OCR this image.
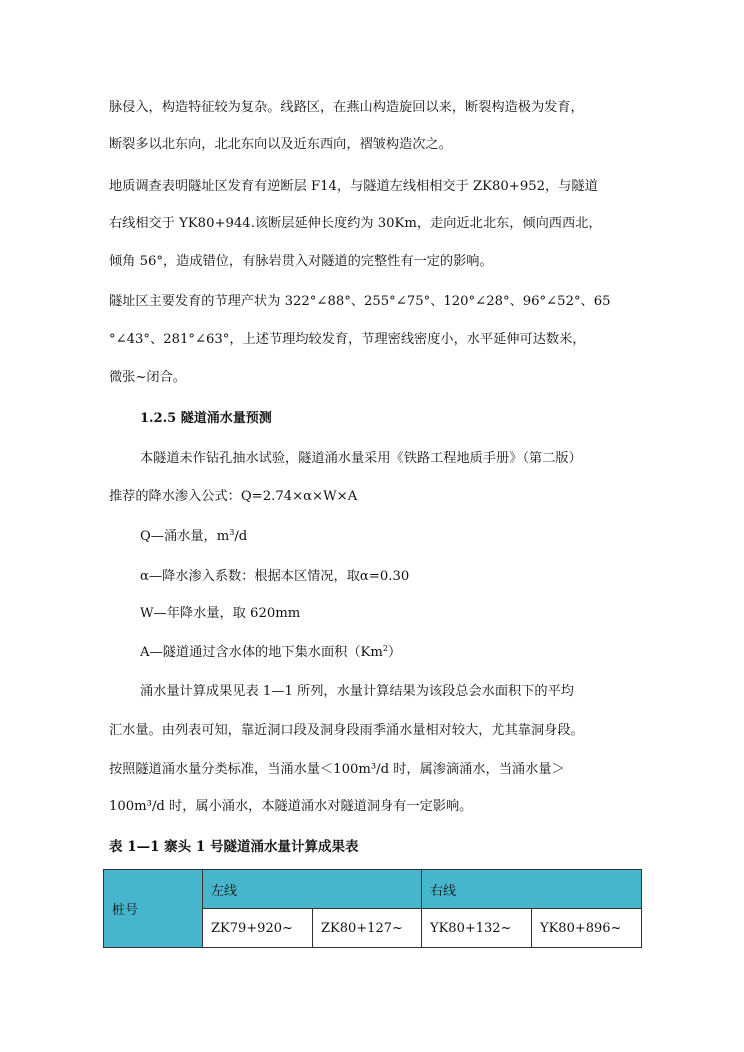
脉侵入，构造特征较为复杂。线路区，在燕山构造旋回以来，断裂构造极为发育，
断裂多以北东向，北北东向以及近东西向，褶皱构造次之。
地质调查表明隧址区发育有逆断层 F14，与隧道左线相相交于 ZK80+952，与隧道
右线相交于 YK80+944.该断层延伸长度约为 30Km，走向近北北东，倾向西西北，
倾角 56°，造成错位，有脉岩贯入对隧道的完整性有一定的影响。
隧址区主要发育的节理产状为 322°∠88°、255°∠75°、120°∠28°、96°∠52°、65
°∠43°、281°∠63°，上述节理均较发育，节理密线密度小，水平延伸可达数米，
微张~闭合。
1.2.5 隧道涌水量预测
本隧道未作钻孔抽水试验，隧道涌水量采用《铁路工程地质手册》（第二版）
推荐的降水渗入公式：Q=2.74×α×W×A
Q—涌水量，$m^3/d$
α—降水渗入系数：根据本区情况，取α=0.30
W—年降水量，取 620mm
A—隧道通过含水体的地下集水面积（Km$^2$）
涌水量计算成果见表 1—1 所列，水量计算结果为该段总会水面积下的平均
汇水量。由列表可知，靠近洞口段及洞身段雨季涌水量相对较大，尤其靠洞身段。
按照隧道涌水量分类标准，当涌水量＜100m³/d 时，属渗滴涌水，当涌水量＞
100m³/d 时，属小涌水，本隧道涌水对隧道洞身有一定影响。
表 1—1 寨头 1 号隧道涌水量计算成果表
桩号	左线		右线	
	ZK79+920~	ZK80+127~	YK80+132~	YK80+896~
